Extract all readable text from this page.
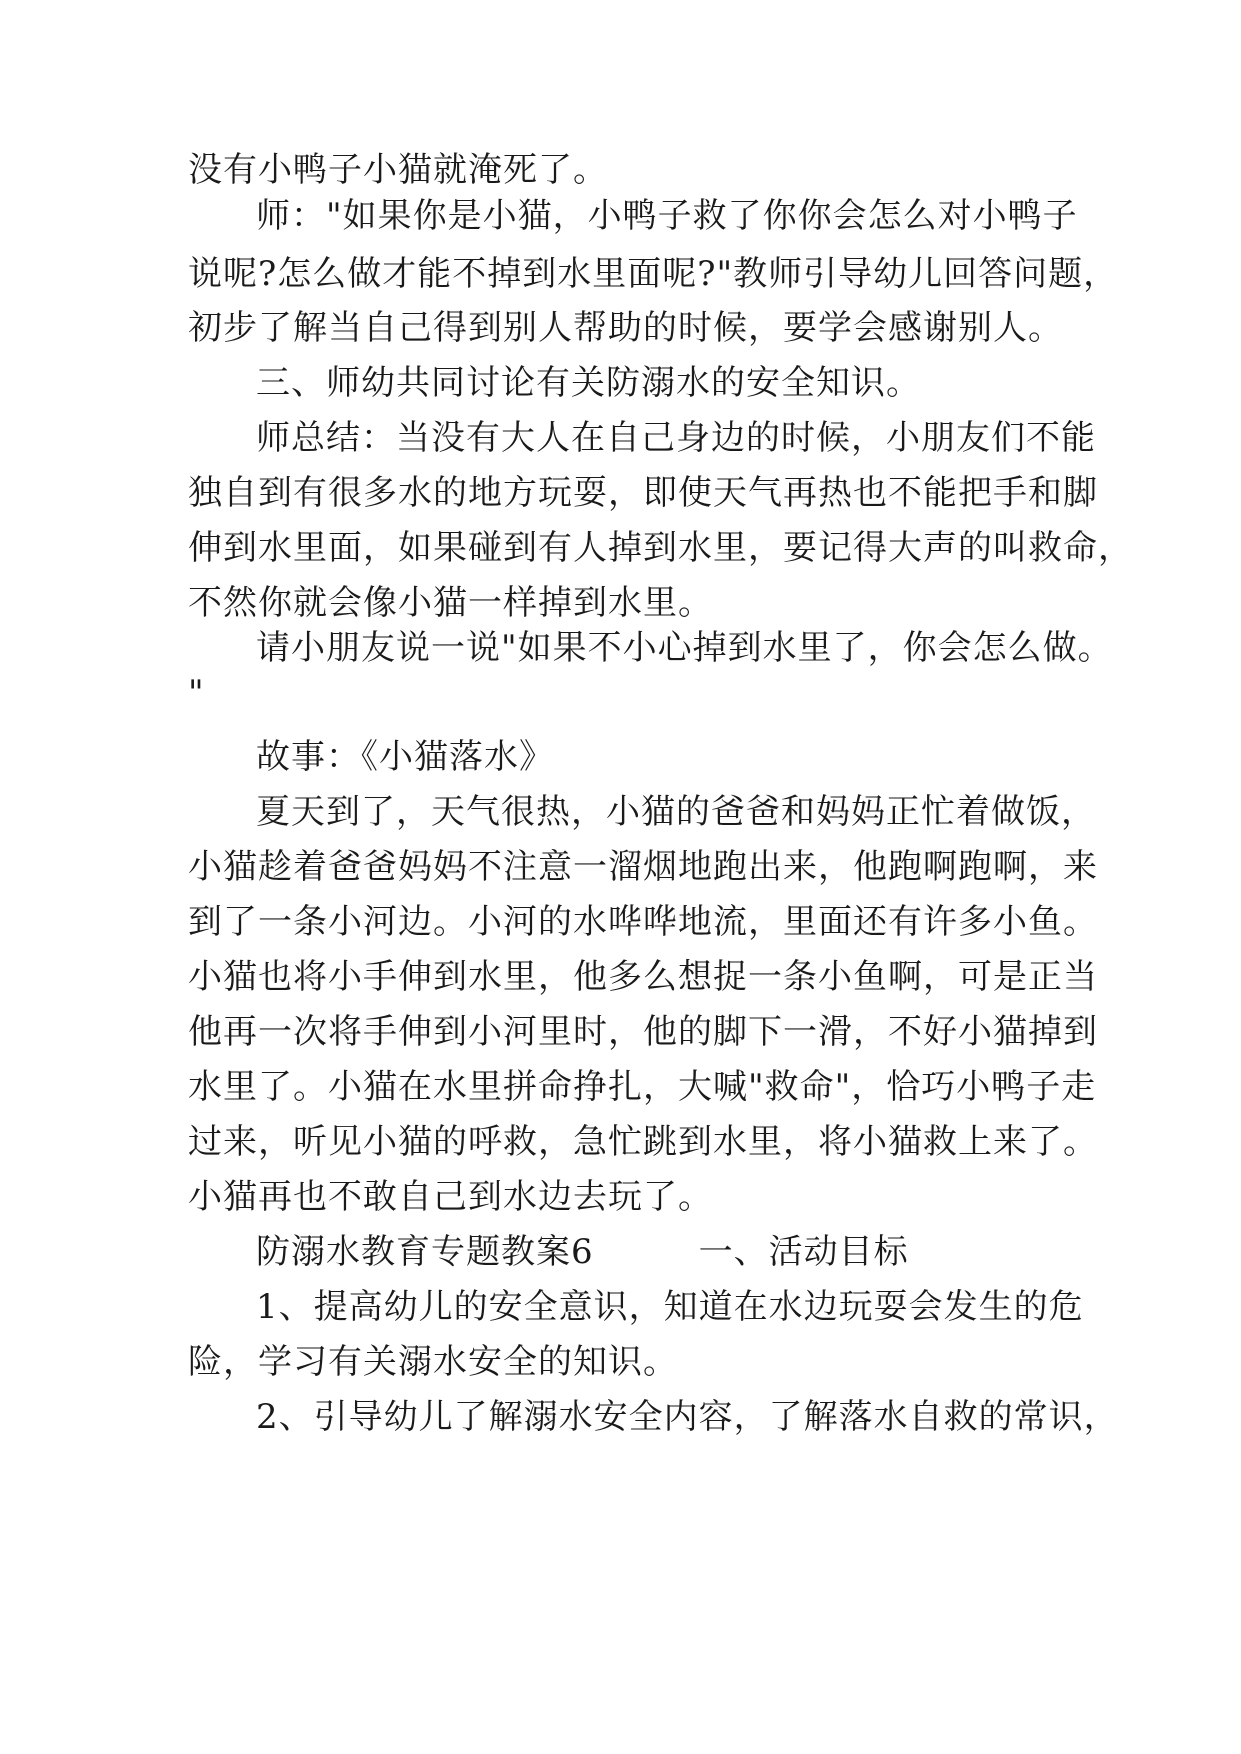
没有小鸭子小猫就淹死了。
师："如果你是小猫，小鸭子救了你你会怎么对小鸭子
说呢?怎么做才能不掉到水里面呢?"教师引导幼儿回答问题，
初步了解当自己得到别人帮助的时候，要学会感谢别人。
三、师幼共同讨论有关防溺水的安全知识。
师总结：当没有大人在自己身边的时候，小朋友们不能
独自到有很多水的地方玩耍，即使天气再热也不能把手和脚
伸到水里面，如果碰到有人掉到水里，要记得大声的叫救命，
不然你就会像小猫一样掉到水里。
请小朋友说一说"如果不小心掉到水里了，你会怎么做。
"
故事：《小猫落水》
夏天到了，天气很热，小猫的爸爸和妈妈正忙着做饭，
小猫趁着爸爸妈妈不注意一溜烟地跑出来，他跑啊跑啊，来
到了一条小河边。小河的水哗哗地流，里面还有许多小鱼。
小猫也将小手伸到水里，他多么想捉一条小鱼啊，可是正当
他再一次将手伸到小河里时，他的脚下一滑，不好小猫掉到
水里了。小猫在水里拼命挣扎，大喊"救命"，恰巧小鸭子走
过来，听见小猫的呼救，急忙跳到水里，将小猫救上来了。
小猫再也不敢自己到水边去玩了。
防溺水教育专题教案6　　　一、活动目标
1、提高幼儿的安全意识，知道在水边玩耍会发生的危
险，学习有关溺水安全的知识。
2、引导幼儿了解溺水安全内容，了解落水自救的常识，
